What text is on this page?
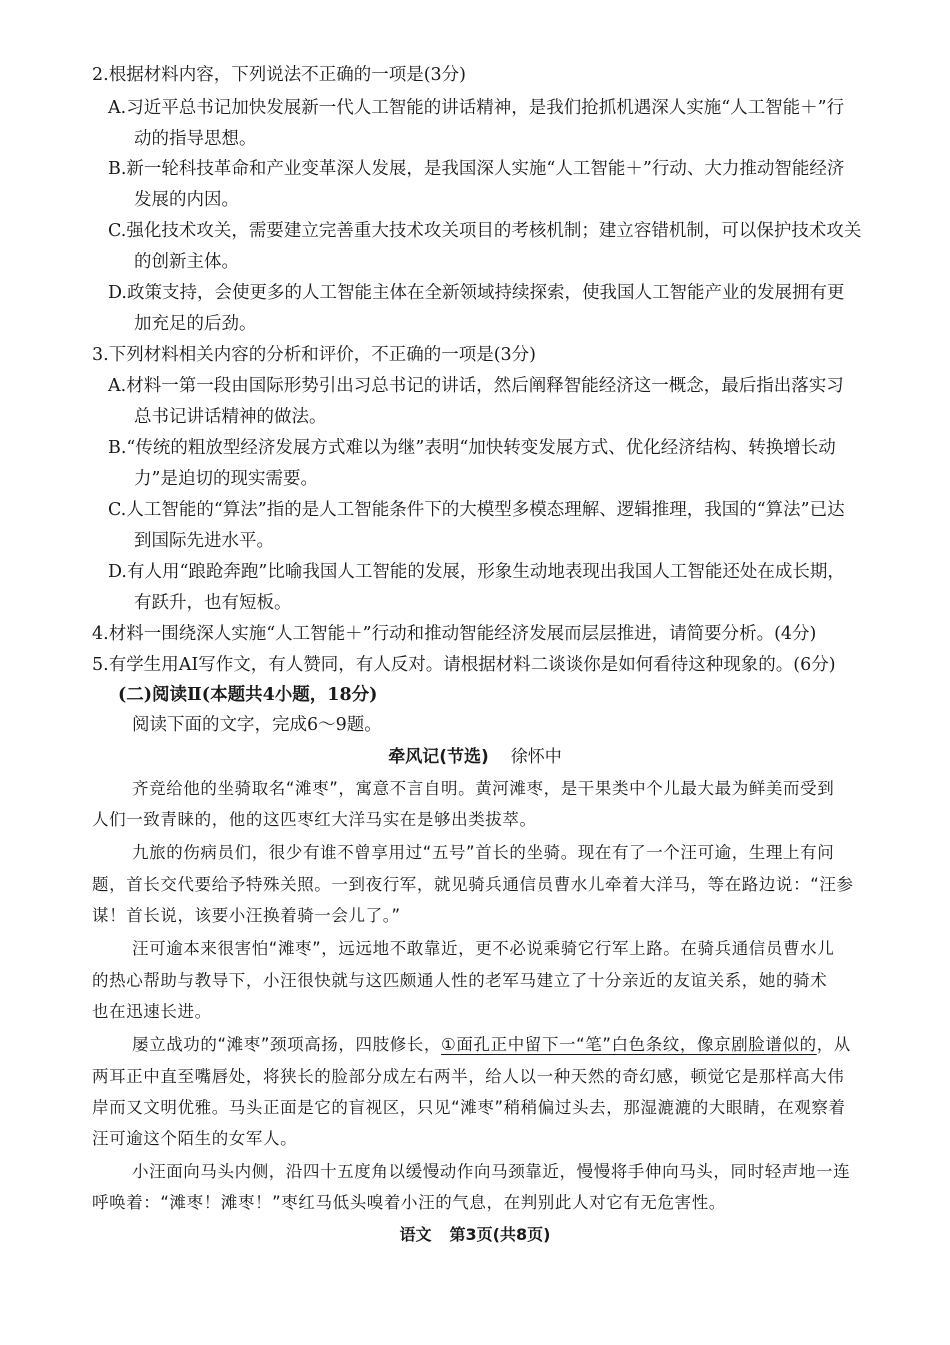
2.根据材料内容，下列说法不正确的一项是(3分)
A.习近平总书记加快发展新一代人工智能的讲话精神，是我们抢抓机遇深人实施“人工智能＋”行
动的指导思想。
B.新一轮科技革命和产业变革深人发展，是我国深人实施“人工智能＋”行动、大力推动智能经济
发展的内因。
C.强化技术攻关，需要建立完善重大技术攻关项目的考核机制；建立容错机制，可以保护技术攻关
的创新主体。
D.政策支持，会使更多的人工智能主体在全新领域持续探索，使我国人工智能产业的发展拥有更
加充足的后劲。
3.下列材料相关内容的分析和评价，不正确的一项是(3分)
A.材料一第一段由国际形势引出习总书记的讲话，然后阐释智能经济这一概念，最后指出落实习
总书记讲话精神的做法。
B.“传统的粗放型经济发展方式难以为继”表明“加快转变发展方式、优化经济结构、转换增长动
力”是迫切的现实需要。
C.人工智能的“算法”指的是人工智能条件下的大模型多模态理解、逻辑推理，我国的“算法”已达
到国际先进水平。
D.有人用“踉跄奔跑”比喻我国人工智能的发展，形象生动地表现出我国人工智能还处在成长期，
有跃升，也有短板。
4.材料一围绕深人实施“人工智能＋”行动和推动智能经济发展而层层推进，请简要分析。(4分)
5.有学生用AI写作文，有人赞同，有人反对。请根据材料二谈谈你是如何看待这种现象的。(6分)
(二)阅读Ⅱ(本题共4小题，18分)
阅读下面的文字，完成6～9题。
牵风记(节选) 徐怀中
齐竞给他的坐骑取名“滩枣”，寓意不言自明。黄河滩枣，是干果类中个儿最大最为鲜美而受到
人们一致青睐的，他的这匹枣红大洋马实在是够出类拔萃。
九旅的伤病员们，很少有谁不曾享用过“五号”首长的坐骑。现在有了一个汪可逾，生理上有问
题，首长交代要给予特殊关照。一到夜行军，就见骑兵通信员曹水儿牵着大洋马，等在路边说：“汪参
谋！首长说，该要小汪换着骑一会儿了。”
汪可逾本来很害怕“滩枣”，远远地不敢靠近，更不必说乘骑它行军上路。在骑兵通信员曹水儿
的热心帮助与教导下，小汪很快就与这匹颇通人性的老军马建立了十分亲近的友谊关系，她的骑术
也在迅速长进。
屡立战功的“滩枣”颈项高扬，四肢修长，①面孔正中留下一“笔”白色条纹，像京剧脸谱似的，从
两耳正中直至嘴唇处，将狭长的脸部分成左右两半，给人以一种天然的奇幻感，顿觉它是那样高大伟
岸而又文明优雅。马头正面是它的盲视区，只见“滩枣”稍稍偏过头去，那湿漉漉的大眼睛，在观察着
汪可逾这个陌生的女军人。
小汪面向马头内侧，沿四十五度角以缓慢动作向马颈靠近，慢慢将手伸向马头，同时轻声地一连
呼唤着：“滩枣！滩枣！”枣红马低头嗅着小汪的气息，在判别此人对它有无危害性。
语文 第3页(共8页)
